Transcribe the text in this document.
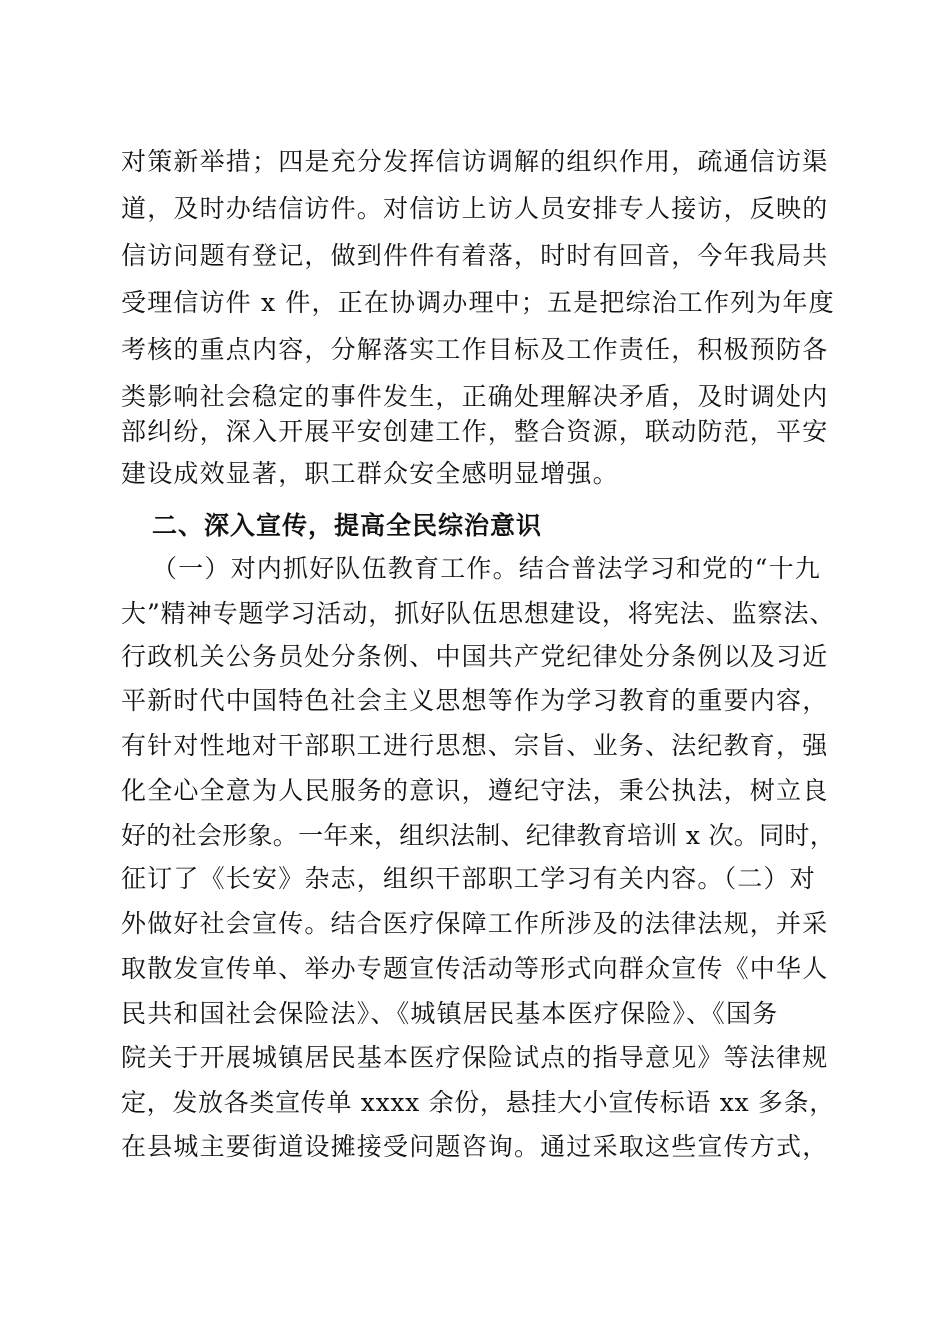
对策新举措；四是充分发挥信访调解的组织作用，疏通信访渠
道，及时办结信访件。对信访上访人员安排专人接访，反映的
信访问题有登记，做到件件有着落，时时有回音，今年我局共
受理信访件 x 件，正在协调办理中；五是把综治工作列为年度
考核的重点内容，分解落实工作目标及工作责任，积极预防各
类影响社会稳定的事件发生，正确处理解决矛盾，及时调处内
部纠纷，深入开展平安创建工作，整合资源，联动防范，平安
建设成效显著，职工群众安全感明显增强。
二、深入宣传，提高全民综治意识
（一）对内抓好队伍教育工作。结合普法学习和党的“十九
大”精神专题学习活动，抓好队伍思想建设，将宪法、监察法、
行政机关公务员处分条例、中国共产党纪律处分条例以及习近
平新时代中国特色社会主义思想等作为学习教育的重要内容，
有针对性地对干部职工进行思想、宗旨、业务、法纪教育，强
化全心全意为人民服务的意识，遵纪守法，秉公执法，树立良
好的社会形象。一年来，组织法制、纪律教育培训 x 次。同时，
征订了《长安》杂志，组织干部职工学习有关内容。（二）对
外做好社会宣传。结合医疗保障工作所涉及的法律法规，并采
取散发宣传单、举办专题宣传活动等形式向群众宣传《中华人
民共和国社会保险法》、《城镇居民基本医疗保险》、《国务
院关于开展城镇居民基本医疗保险试点的指导意见》等法律规
定，发放各类宣传单 xxxx 余份，悬挂大小宣传标语 xx 多条，
在县城主要街道设摊接受问题咨询。通过采取这些宣传方式，
